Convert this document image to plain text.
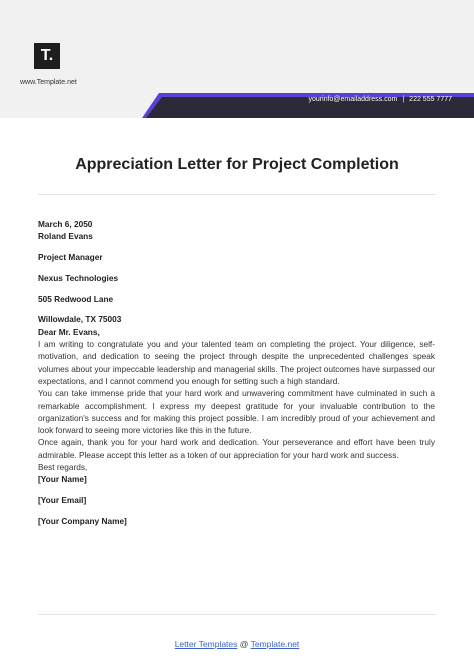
T.
www.Template.net
yourinfo@emailaddress.com | 222 555 7777
Appreciation Letter for Project Completion
March 6, 2050
Roland Evans
Project Manager
Nexus Technologies
505 Redwood Lane
Willowdale, TX 75003
Dear Mr. Evans,

I am writing to congratulate you and your talented team on completing the project. Your diligence, self-motivation, and dedication to seeing the project through despite the unprecedented challenges speak volumes about your impeccable leadership and managerial skills. The project outcomes have surpassed our expectations, and I cannot commend you enough for setting such a high standard.

You can take immense pride that your hard work and unwavering commitment have culminated in such a remarkable accomplishment. I express my deepest gratitude for your invaluable contribution to the organization's success and for making this project possible. I am incredibly proud of your achievement and look forward to seeing more victories like this in the future.

Once again, thank you for your hard work and dedication. Your perseverance and effort have been truly admirable. Please accept this letter as a token of our appreciation for your hard work and success.

Best regards,
[Your Name]
[Your Email]
[Your Company Name]
Letter Templates @ Template.net
